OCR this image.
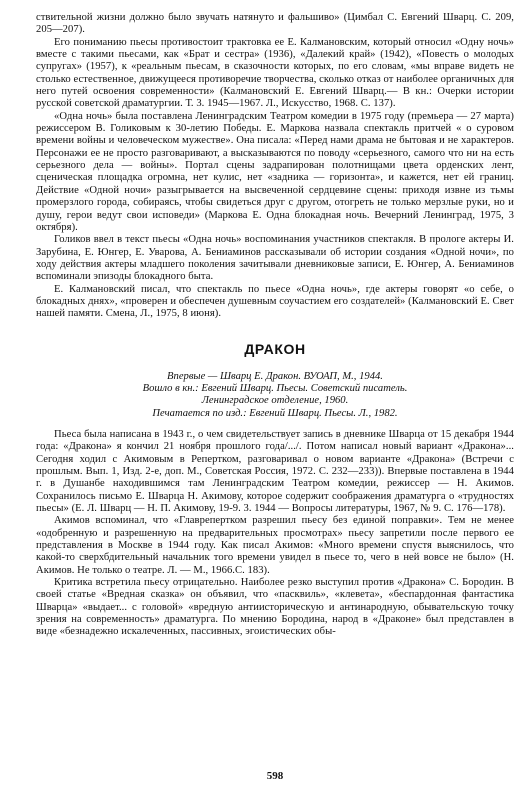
ствительной жизни должно было звучать натянуто и фальшиво» (Цимбал С. Евгений Шварц. С. 209, 205—207).

Его пониманию пьесы противостоит трактовка ее Е. Калмановским, который относил «Одну ночь» вместе с такими пьесами, как «Брат и сестра» (1936), «Далекий край» (1942), «Повесть о молодых супругах» (1957), к «реальным пьесам, в сказочности которых, по его словам, «мы вправе видеть не столько естественное, движущееся противоречие творчества, сколько отказ от наиболее органичных для него путей освоения современности» (Калмановский Е. Евгений Шварц.— В кн.: Очерки истории русской советской драматургии. Т. 3. 1945—1967. Л., Искусство, 1968. С. 137).

«Одна ночь» была поставлена Ленинградским Театром комедии в 1975 году (премьера — 27 марта) режиссером В. Голиковым к 30-летию Победы. Е. Маркова назвала спектакль притчей « о суровом времени войны и человеческом мужестве». Она писала: «Перед нами драма не бытовая и не характеров. Персонажи ее не просто разговаривают, а высказываются по поводу «серьезного, самого что ни на есть серьезного дела — войны». Портал сцены задрапирован полотнищами цвета орденских лент, сценическая площадка огромна, нет кулис, нет «задника — горизонта», и кажется, нет ей границ. Действие «Одной ночи» разыгрывается на высвеченной сердцевине сцены: приходя извне из тьмы промерзлого города, собираясь, чтобы свидеться друг с другом, отогреть не только мерзлые руки, но и душу, герои ведут свои исповеди» (Маркова Е. Одна блокадная ночь. Вечерний Ленинград, 1975, 3 октября).

Голиков ввел в текст пьесы «Одна ночь» воспоминания участников спектакля. В прологе актеры И. Зарубина, Е. Юнгер, Е. Уварова, А. Бениаминов рассказывали об истории создания «Одной ночи», по ходу действия актеры младшего поколения зачитывали дневниковые записи, Е. Юнгер, А. Бениаминов вспоминали эпизоды блокадного быта.

Е. Калмановский писал, что спектакль по пьесе «Одна ночь», где актеры говорят «о себе, о блокадных днях», «проверен и обеспечен душевным соучастием его создателей» (Калмановский Е. Свет нашей памяти. Смена, Л., 1975, 8 июня).

ДРАКОН
Впервые — Шварц Е. Дракон. ВУОАП, М., 1944.
Вошло в кн.: Евгений Шварц. Пьесы. Советский писатель.
Ленинградское отделение, 1960.
Печатается по изд.: Евгений Шварц. Пьесы. Л., 1982.

Пьеса была написана в 1943 г., о чем свидетельствует запись в дневнике Шварца от 15 декабря 1944 года: «Дракона» я кончил 21 ноября прошлого года/.../. Потом написал новый вариант «Дракона»... Сегодня ходил с Акимовым в Репертком, разговаривал о новом варианте «Дракона» (Встречи с прошлым. Вып. 1, Изд. 2-е, доп. М., Советская Россия, 1972. С. 232—233)). Впервые поставлена в 1944 г. в Душанбе находившимся там Ленинградским Театром комедии, режиссер — Н. Акимов. Сохранилось письмо Е. Шварца Н. Акимову, которое содержит соображения драматурга о «трудностях пьесы» (Е. Л. Шварц — Н. П. Акимову, 19-9. 3. 1944 — Вопросы литературы, 1967, № 9. С. 176—178).

Акимов вспоминал, что «Главрепертком разрешил пьесу без единой поправки». Тем не менее «одобренную и разрешенную на предварительных просмотрах» пьесу запретили после первого ее представления в Москве в 1944 году. Как писал Акимов: «Много времени спустя выяснилось, что какой-то сверхбдительный начальник того времени увидел в пьесе то, чего в ней вовсе не было» (Н. Акимов. Не только о театре. Л. — М., 1966.С. 183).

Критика встретила пьесу отрицательно. Наиболее резко выступил против «Дракона» С. Бородин. В своей статье «Вредная сказка» он объявил, что «пасквиль», «клевета», «беспардонная фантастика Шварца» «выдает... с головой» «вредную антиисторическую и антинародную, обывательскую точку зрения на современность» драматурга. По мнению Бородина, народ в «Драконе» был представлен в виде «безнадежно искалеченных, пассивных, эгоистических обы-

598
